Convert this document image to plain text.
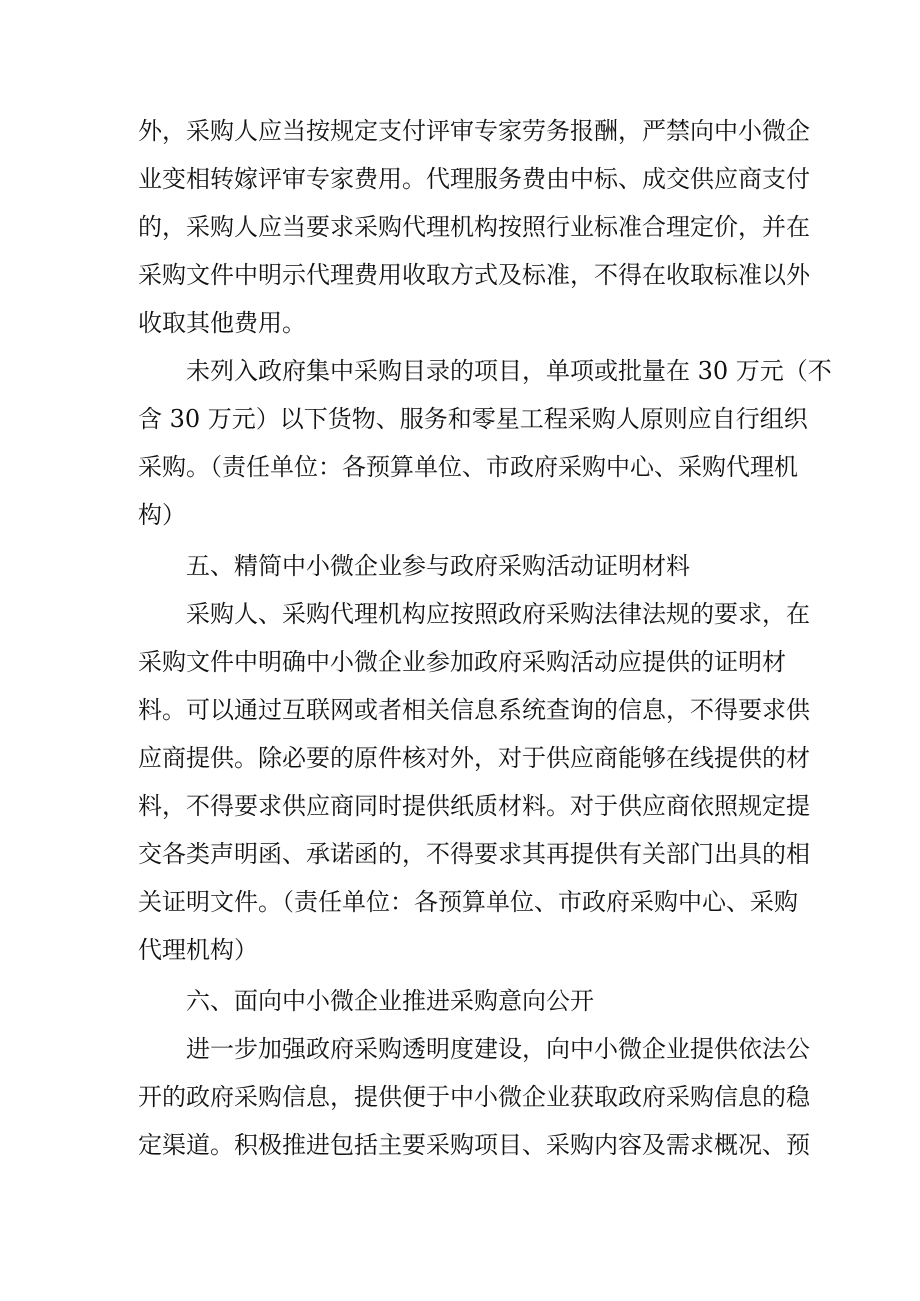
外，采购人应当按规定支付评审专家劳务报酬，严禁向中小微企
业变相转嫁评审专家费用。代理服务费由中标、成交供应商支付
的，采购人应当要求采购代理机构按照行业标准合理定价，并在
采购文件中明示代理费用收取方式及标准，不得在收取标准以外
收取其他费用。
未列入政府集中采购目录的项目，单项或批量在 30 万元（不
含 30 万元）以下货物、服务和零星工程采购人原则应自行组织
采购。（责任单位：各预算单位、市政府采购中心、采购代理机
构）
五、精简中小微企业参与政府采购活动证明材料
采购人、采购代理机构应按照政府采购法律法规的要求，在
采购文件中明确中小微企业参加政府采购活动应提供的证明材
料。可以通过互联网或者相关信息系统查询的信息，不得要求供
应商提供。除必要的原件核对外，对于供应商能够在线提供的材
料，不得要求供应商同时提供纸质材料。对于供应商依照规定提
交各类声明函、承诺函的，不得要求其再提供有关部门出具的相
关证明文件。（责任单位：各预算单位、市政府采购中心、采购
代理机构）
六、面向中小微企业推进采购意向公开
进一步加强政府采购透明度建设，向中小微企业提供依法公
开的政府采购信息，提供便于中小微企业获取政府采购信息的稳
定渠道。积极推进包括主要采购项目、采购内容及需求概况、预
